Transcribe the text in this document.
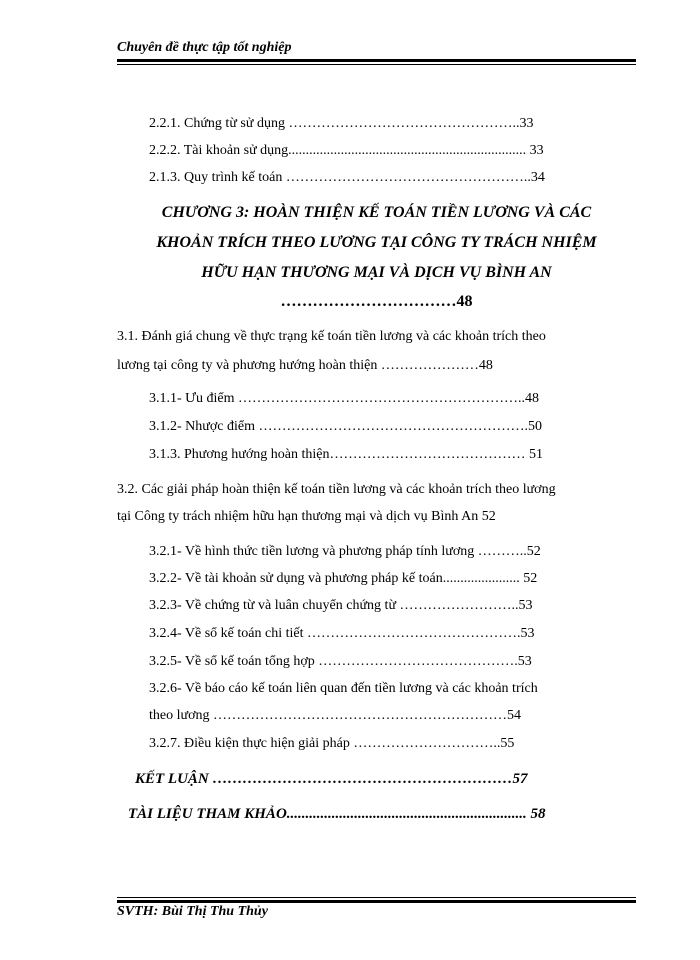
Chuyên đề thực tập tốt nghiệp
2.2.1. Chứng từ sử dụng …………………………………………..33
2.2.2. Tài khoản sử dụng.................................................................... 33
2.1.3. Quy trình kế toán ……………………………………………..34
CHƯƠNG 3: HOÀN THIỆN KẾ TOÁN TIỀN LƯƠNG VÀ CÁC
KHOẢN TRÍCH THEO LƯƠNG TẠI CÔNG TY TRÁCH NHIỆM
HỮU HẠN THƯƠNG MẠI VÀ DỊCH VỤ BÌNH AN
……………………………48
3.1. Đánh giá chung về thực trạng kế toán tiền lương và các khoản trích theo
lương tại công ty và phương hướng hoàn thiện …………………48
3.1.1- Ưu điểm ……………………………………………………..48
3.1.2- Nhược điểm ………………………………………………….50
3.1.3. Phương hướng hoàn thiện…………………………………… 51
3.2. Các giải pháp hoàn thiện kế toán tiền lương và các khoản trích theo lương
tại Công ty trách nhiệm hữu hạn thương mại và dịch vụ Bình An 52
3.2.1- Về hình thức tiền lương và phương pháp tính lương ………..52
3.2.2- Về tài khoản sử dụng và phương pháp kế toán...................... 52
3.2.3- Về chứng từ và luân chuyển chứng từ ……………………..53
3.2.4- Về sổ kế toán chi tiết ……………………………………….53
3.2.5- Về sổ kế toán tổng hợp …………………………………….53
3.2.6- Về báo cáo kế toán liên quan đến tiền lương và các khoản trích
theo lương ………………………………………………………54
3.2.7. Điều kiện thực hiện giải pháp …………………………..55
KẾT LUẬN ……………………………………………………57
TÀI LIỆU THAM KHẢO................................................................ 58
SVTH: Bùi Thị Thu Thủy
